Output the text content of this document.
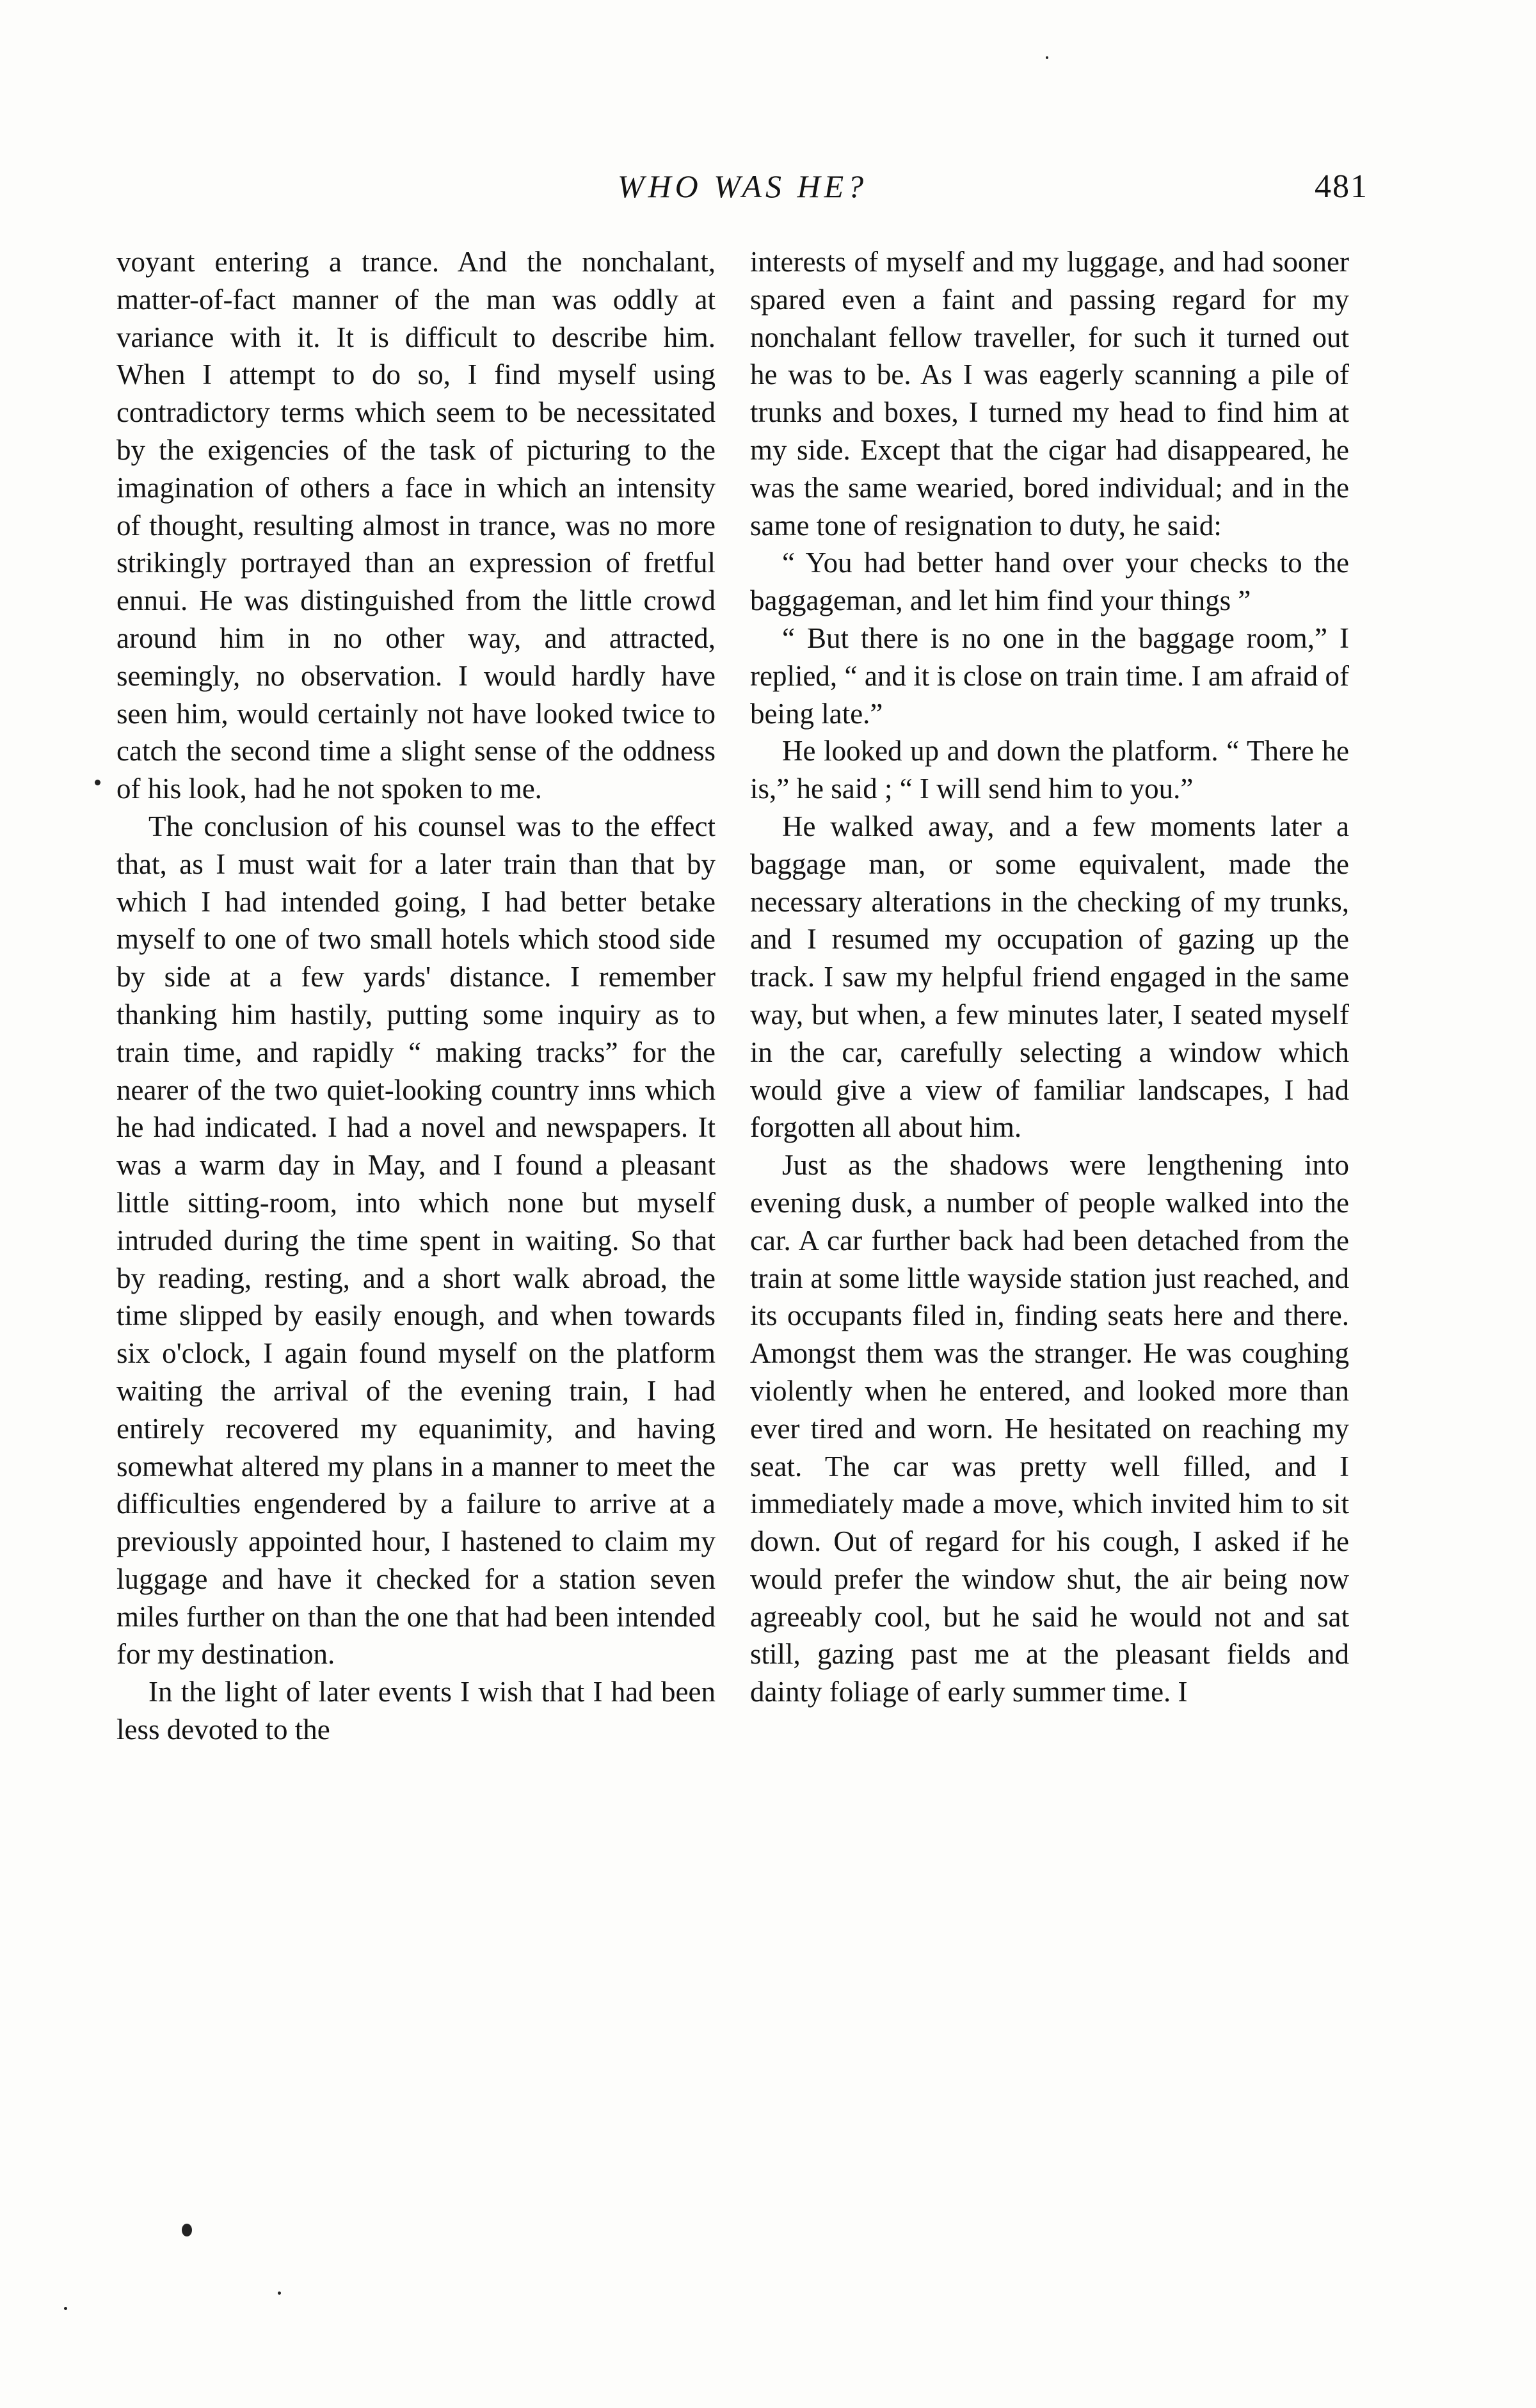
WHO WAS HE?	481

voyant entering a trance. And the nonchalant, matter-of-fact manner of the man was oddly at variance with it. It is difficult to describe him. When I attempt to do so, I find myself using contradictory terms which seem to be necessitated by the exigencies of the task of picturing to the imagination of others a face in which an intensity of thought, resulting almost in trance, was no more strikingly portrayed than an expression of fretful ennui. He was distinguished from the little crowd around him in no other way, and attracted, seemingly, no observation. I would hardly have seen him, would certainly not have looked twice to catch the second time a slight sense of the oddness of his look, had he not spoken to me.

The conclusion of his counsel was to the effect that, as I must wait for a later train than that by which I had intended going, I had better betake myself to one of two small hotels which stood side by side at a few yards' distance. I remember thanking him hastily, putting some inquiry as to train time, and rapidly “ making tracks” for the nearer of the two quiet-looking country inns which he had indicated. I had a novel and newspapers. It was a warm day in May, and I found a pleasant little sitting-room, into which none but myself intruded during the time spent in waiting. So that by reading, resting, and a short walk abroad, the time slipped by easily enough, and when towards six o'clock, I again found myself on the platform waiting the arrival of the evening train, I had entirely recovered my equanimity, and having somewhat altered my plans in a manner to meet the difficulties engendered by a failure to arrive at a previously appointed hour, I hastened to claim my luggage and have it checked for a station seven miles further on than the one that had been intended for my destination.

In the light of later events I wish that I had been less devoted to the

interests of myself and my luggage, and had sooner spared even a faint and passing regard for my nonchalant fellow traveller, for such it turned out he was to be. As I was eagerly scanning a pile of trunks and boxes, I turned my head to find him at my side. Except that the cigar had disappeared, he was the same wearied, bored individual; and in the same tone of resignation to duty, he said:

“ You had better hand over your checks to the baggageman, and let him find your things ”

“ But there is no one in the baggage room,” I replied, “ and it is close on train time. I am afraid of being late.”

He looked up and down the platform. “ There he is,” he said ; “ I will send him to you.”

He walked away, and a few moments later a baggage man, or some equivalent, made the necessary alterations in the checking of my trunks, and I resumed my occupation of gazing up the track. I saw my helpful friend engaged in the same way, but when, a few minutes later, I seated myself in the car, carefully selecting a window which would give a view of familiar landscapes, I had forgotten all about him.

Just as the shadows were lengthening into evening dusk, a number of people walked into the car. A car further back had been detached from the train at some little wayside station just reached, and its occupants filed in, finding seats here and there. Amongst them was the stranger. He was coughing violently when he entered, and looked more than ever tired and worn. He hesitated on reaching my seat. The car was pretty well filled, and I immediately made a move, which invited him to sit down. Out of regard for his cough, I asked if he would prefer the window shut, the air being now agreeably cool, but he said he would not and sat still, gazing past me at the pleasant fields and dainty foliage of early summer time. I
